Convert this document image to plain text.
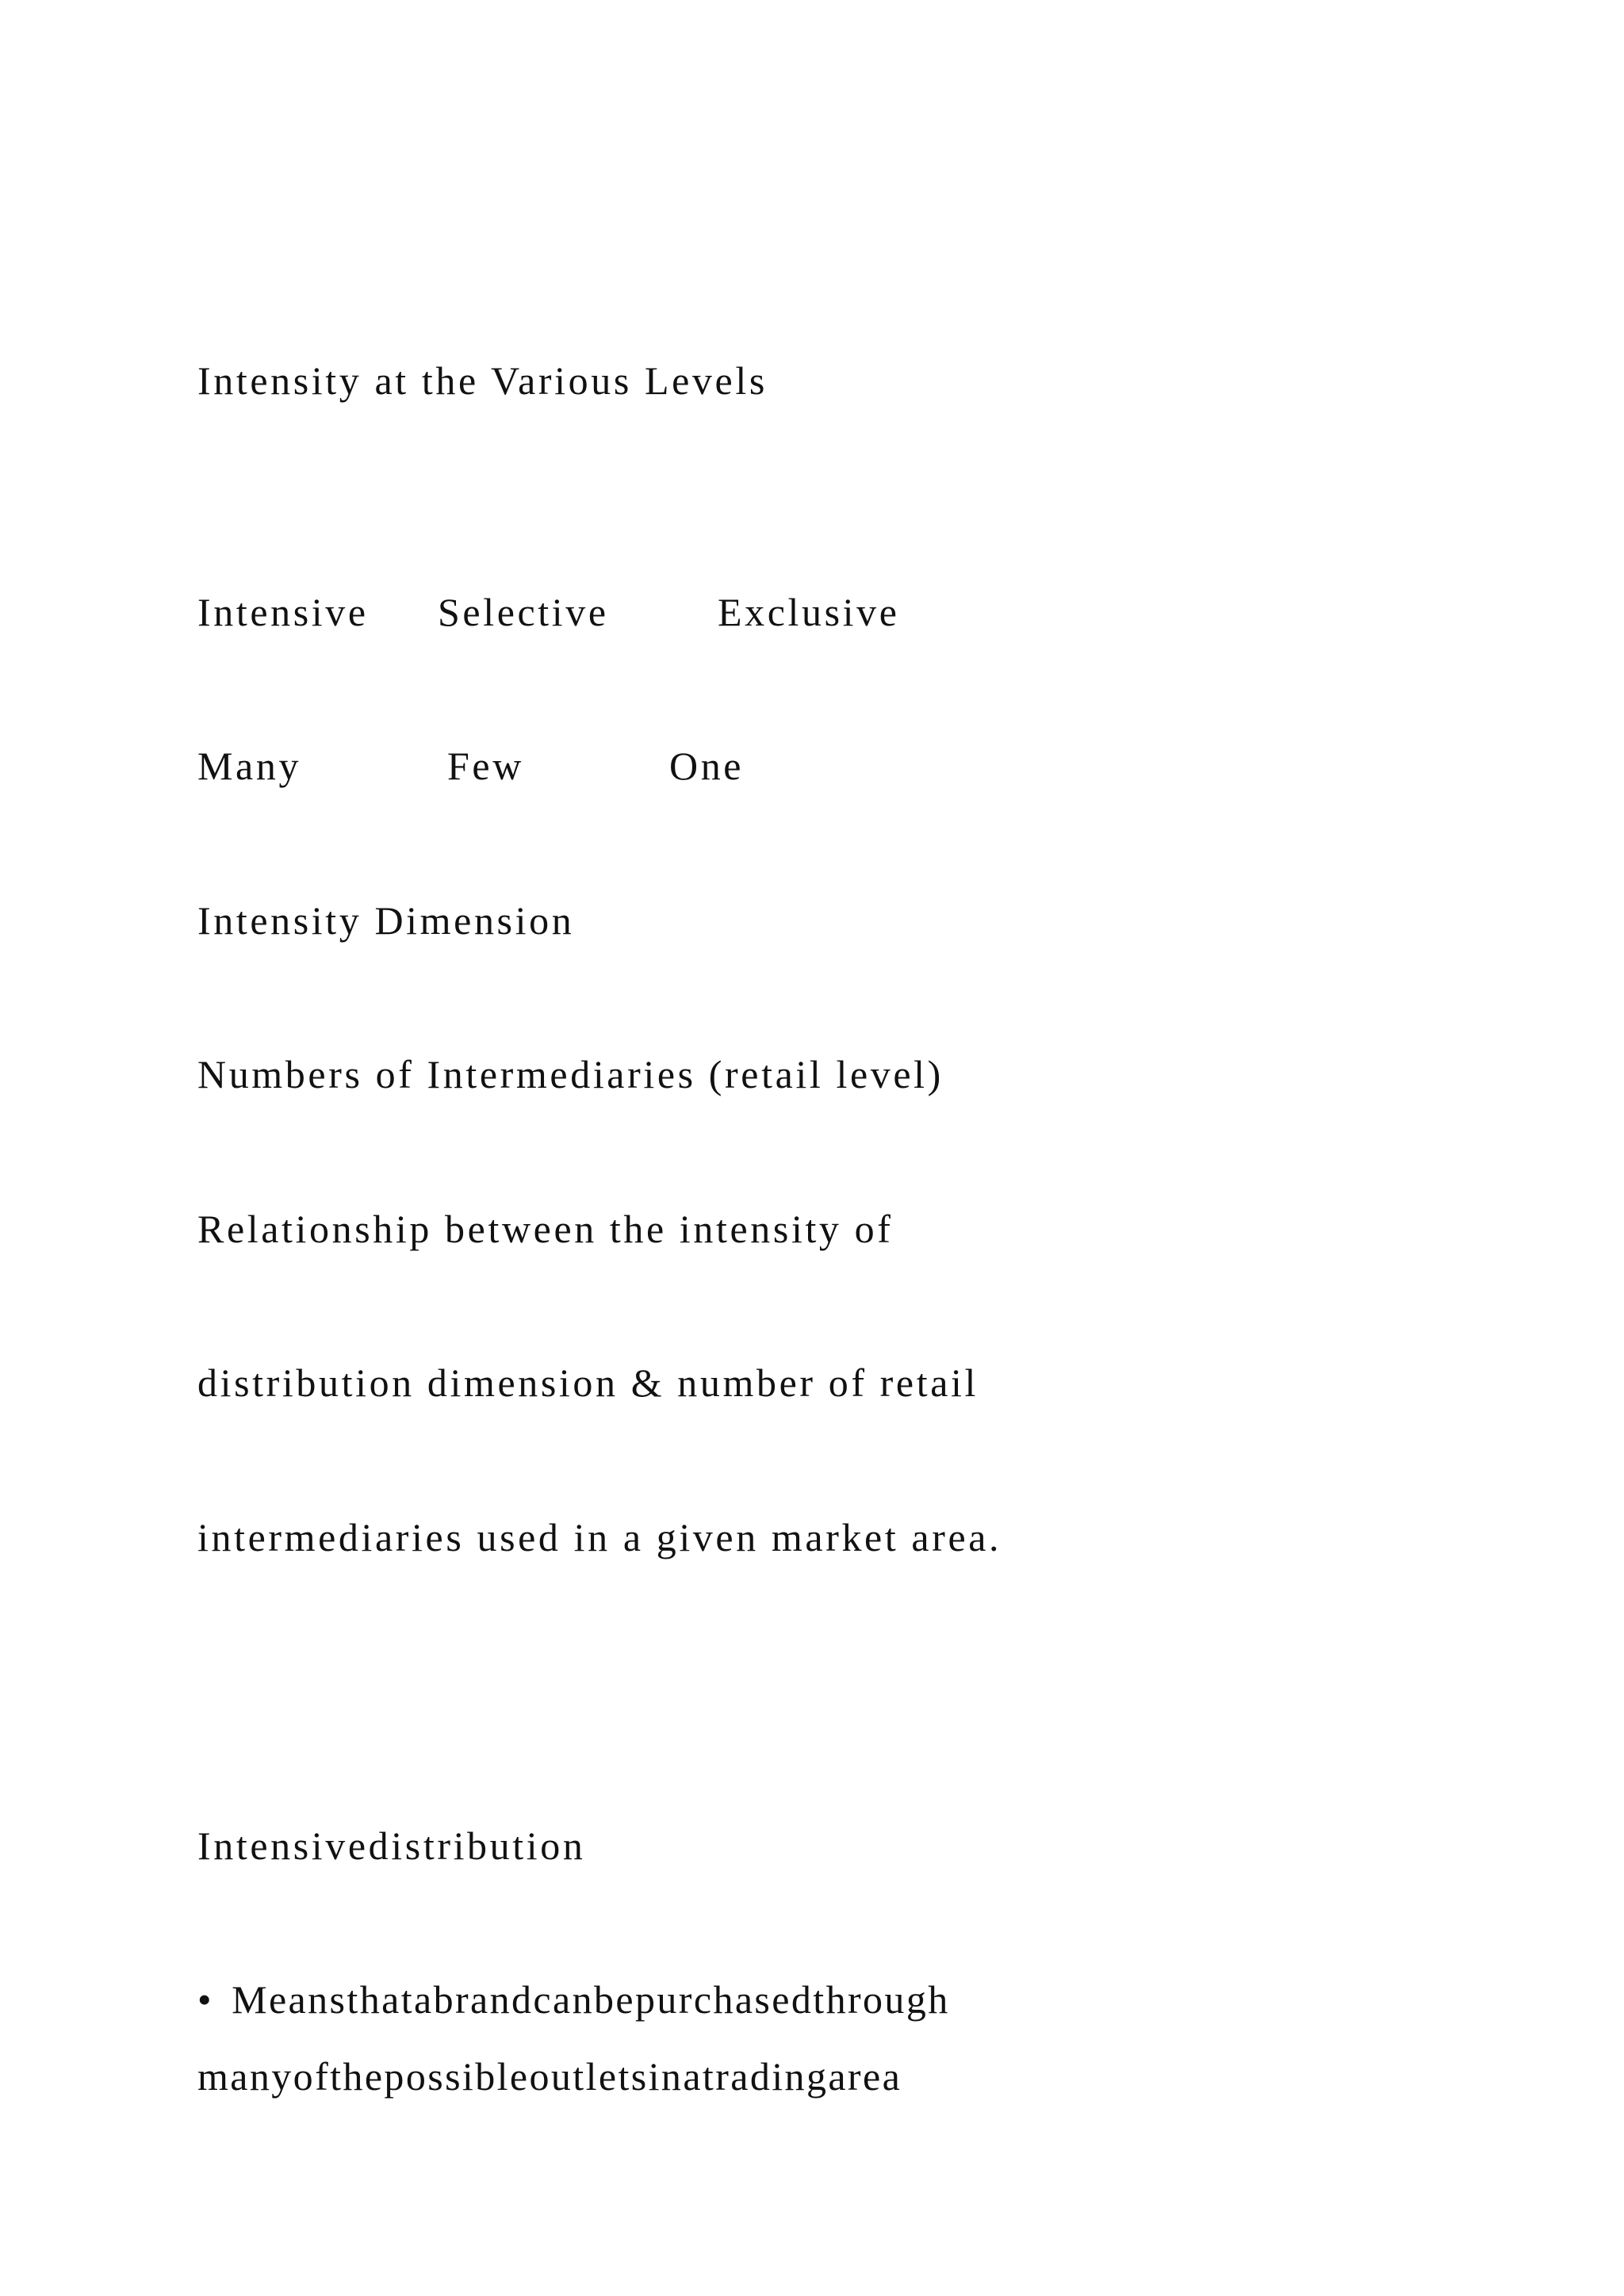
Intensity at the Various Levels

Intensive Selective	Exclusive
Many	Few	One

Intensity Dimension

Numbers of Intermediaries (retail level)

Relationship between the intensity of

distribution dimension & number of retail

intermediaries used in a given market area.

Intensivedistribution

• Meansthatabrandcanbepurchasedthrough

manyofthepossibleoutletsinatradingarea
